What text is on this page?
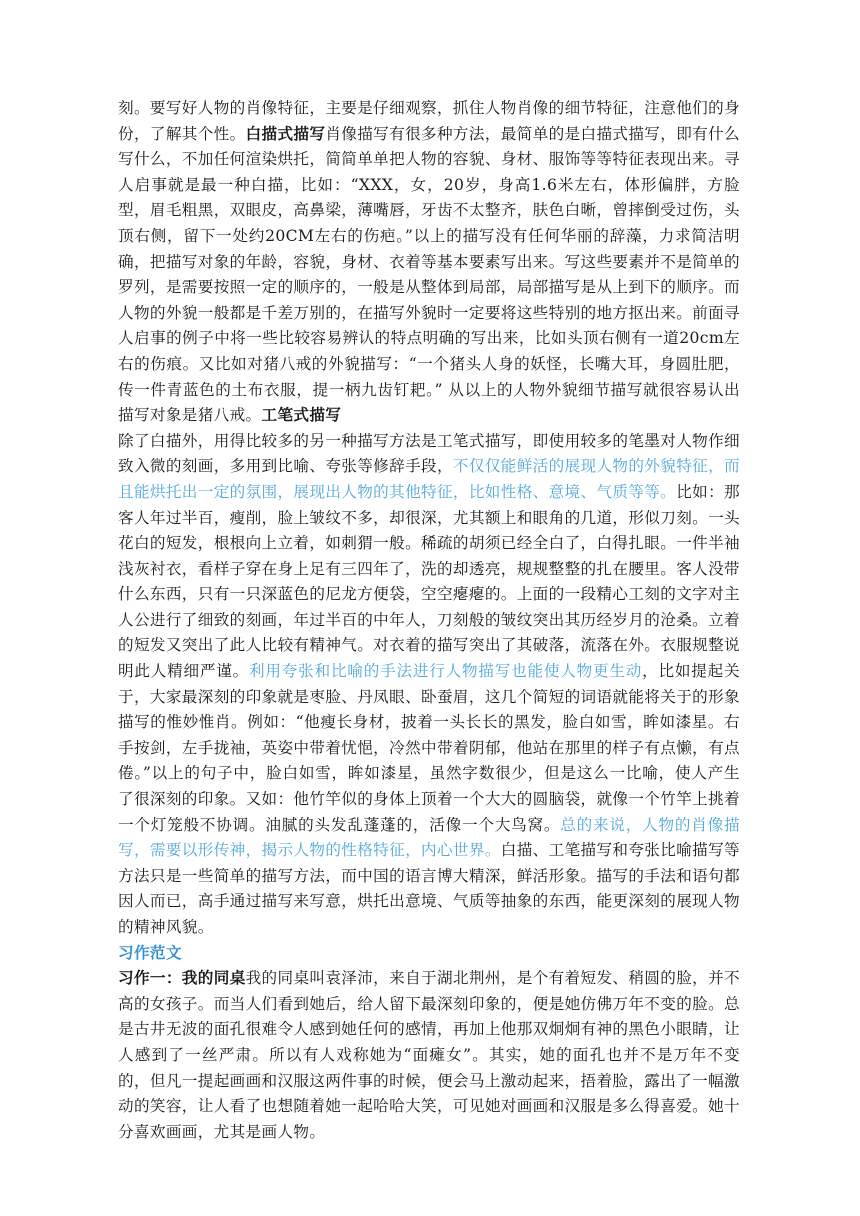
刻。要写好人物的肖像特征，主要是仔细观察，抓住人物肖像的细节特征，注意他们的身份，了解其个性。白描式描写肖像描写有很多种方法，最简单的是白描式描写，即有什么写什么，不加任何渲染烘托，简简单单把人物的容貌、身材、服饰等等特征表现出来。寻人启事就是最一种白描，比如：“XXX，女，20岁，身高1.6米左右，体形偏胖，方脸型，眉毛粗黑，双眼皮，高鼻梁，薄嘴唇，牙齿不太整齐，肤色白晰，曾摔倒受过伤，头顶右侧，留下一处约20CM左右的伤疤。”以上的描写没有任何华丽的辞藻，力求简洁明确，把描写对象的年龄，容貌，身材、衣着等基本要素写出来。写这些要素并不是简单的罗列，是需要按照一定的顺序的，一般是从整体到局部，局部描写是从上到下的顺序。而人物的外貌一般都是千差万别的，在描写外貌时一定要将这些特别的地方抠出来。前面寻人启事的例子中将一些比较容易辨认的特点明确的写出来，比如头顶右侧有一道20cm左右的伤痕。又比如对猪八戒的外貌描写：“一个猪头人身的妖怪，长嘴大耳，身圆肚肥，传一件青蓝色的土布衣服，提一柄九齿钉耙。” 从以上的人物外貌细节描写就很容易认出描写对象是猪八戒。工笔式描写

除了白描外，用得比较多的另一种描写方法是工笔式描写，即使用较多的笔墨对人物作细致入微的刻画，多用到比喻、夸张等修辞手段，不仅仅能鲜活的展现人物的外貌特征，而且能烘托出一定的氛围，展现出人物的其他特征，比如性格、意境、气质等等。比如：那客人年过半百，瘦削，脸上皱纹不多，却很深，尤其额上和眼角的几道，形似刀刻。一头花白的短发，根根向上立着，如刺猬一般。稀疏的胡须已经全白了，白得扎眼。一件半袖浅灰衬衣，看样子穿在身上足有三四年了，洗的却透亮，规规整整的扎在腰里。客人没带什么东西，只有一只深蓝色的尼龙方便袋，空空瘪瘪的。上面的一段精心工刻的文字对主人公进行了细致的刻画，年过半百的中年人，刀刻般的皱纹突出其历经岁月的沧桑。立着的短发又突出了此人比较有精神气。对衣着的描写突出了其破落，流落在外。衣服规整说明此人精细严谨。利用夸张和比喻的手法进行人物描写也能使人物更生动，比如提起关于，大家最深刻的印象就是枣脸、丹凤眼、卧蚕眉，这几个简短的词语就能将关于的形象描写的惟妙惟肖。例如：“他瘦长身材，披着一头长长的黑发，脸白如雪，眸如漆星。右手按剑，左手拢袖，英姿中带着忧悒，冷然中带着阴郁，他站在那里的样子有点懒，有点倦。”以上的句子中，脸白如雪，眸如漆星，虽然字数很少，但是这么一比喻，使人产生了很深刻的印象。又如：他竹竿似的身体上顶着一个大大的圆脑袋，就像一个竹竿上挑着一个灯笼般不协调。油腻的头发乱蓬蓬的，活像一个大鸟窝。总的来说，人物的肖像描写，需要以形传神，揭示人物的性格特征，内心世界。白描、工笔描写和夸张比喻描写等方法只是一些简单的描写方法，而中国的语言博大精深，鲜活形象。描写的手法和语句都因人而已，高手通过描写来写意，烘托出意境、气质等抽象的东西，能更深刻的展现人物的精神风貌。

习作范文

习作一：我的同桌我的同桌叫袁泽沛，来自于湖北荆州，是个有着短发、稍圆的脸，并不高的女孩子。而当人们看到她后，给人留下最深刻印象的，便是她仿佛万年不变的脸。总是古井无波的面孔很难令人感到她任何的感情，再加上他那双炯炯有神的黑色小眼睛，让人感到了一丝严肃。所以有人戏称她为“面瘫女”。其实，她的面孔也并不是万年不变的，但凡一提起画画和汉服这两件事的时候，便会马上激动起来，捂着脸，露出了一幅激动的笑容，让人看了也想随着她一起哈哈大笑，可见她对画画和汉服是多么得喜爱。她十分喜欢画画，尤其是画人物。
